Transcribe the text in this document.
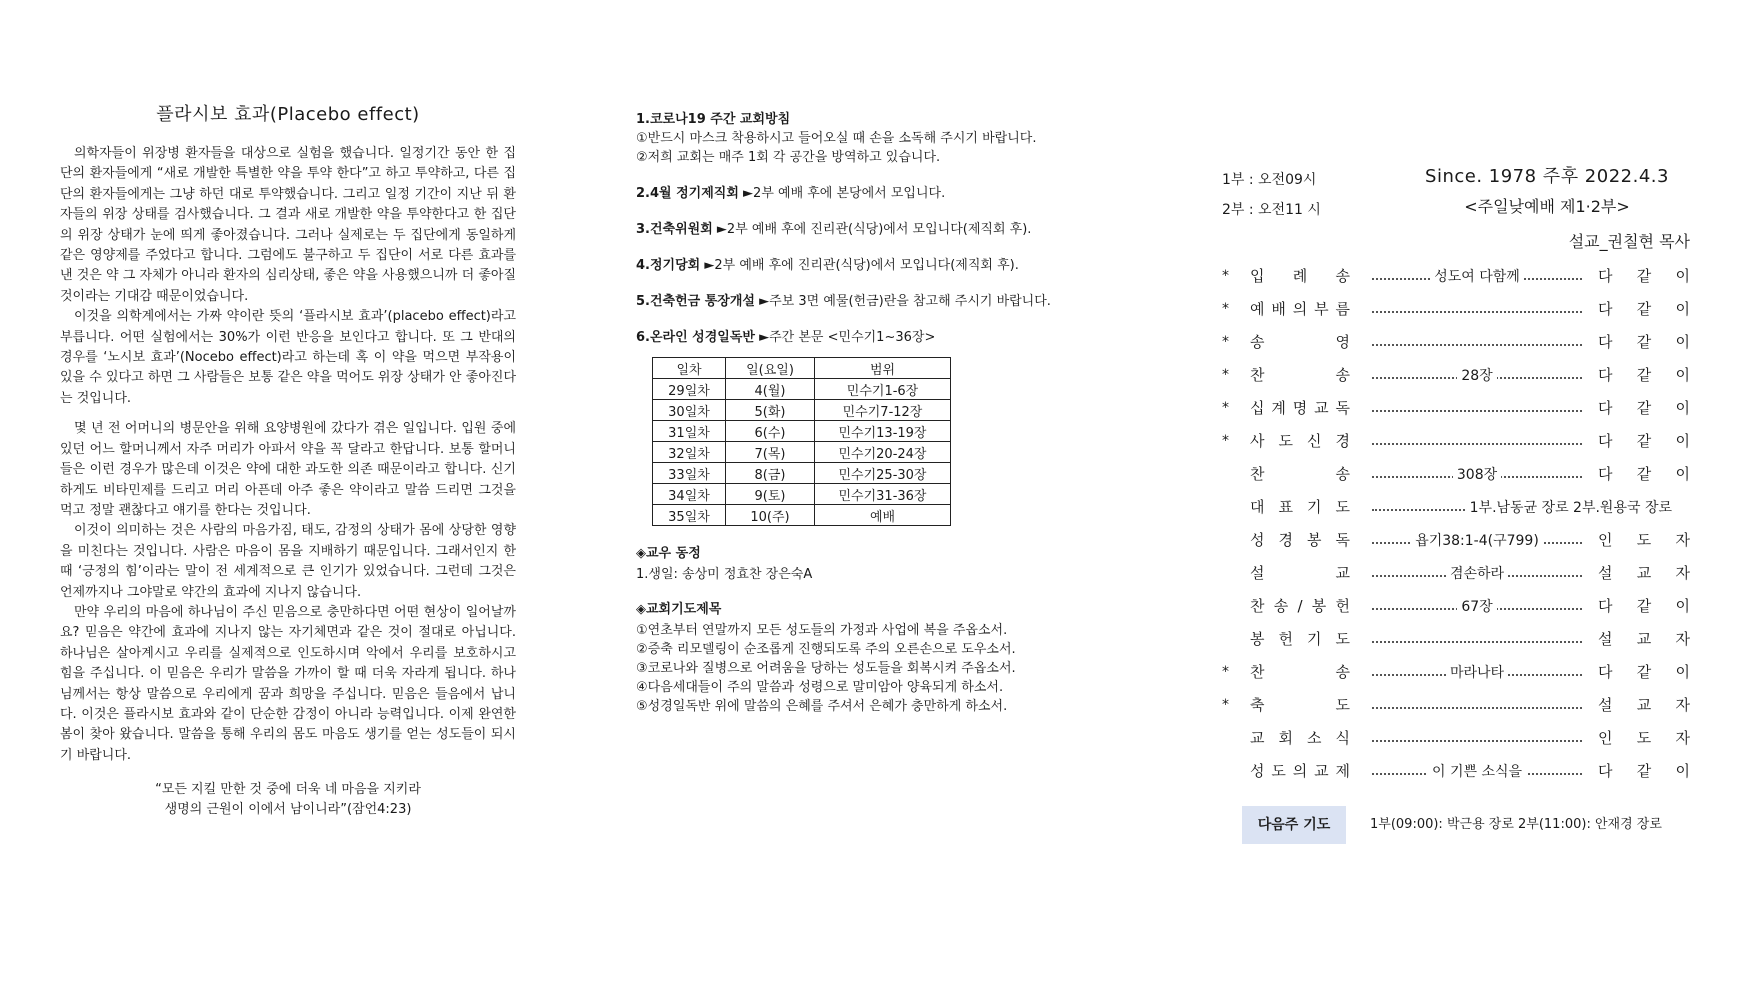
플라시보 효과(Placebo effect)

의학자들이 위장병 환자들을 대상으로 실험을 했습니다. 일정기간 동안 한 집단의 환자들에게 “새로 개발한 특별한 약을 투약 한다”고 하고 투약하고, 다른 집단의 환자들에게는 그냥 하던 대로 투약했습니다. 그리고 일정 기간이 지난 뒤 환자들의 위장 상태를 검사했습니다. 그 결과 새로 개발한 약을 투약한다고 한 집단의 위장 상태가 눈에 띄게 좋아졌습니다. 그러나 실제로는 두 집단에게 동일하게 같은 영양제를 주었다고 합니다. 그럼에도 불구하고 두 집단이 서로 다른 효과를 낸 것은 약 그 자체가 아니라 환자의 심리상태, 좋은 약을 사용했으니까 더 좋아질 것이라는 기대감 때문이었습니다.

이것을 의학계에서는 가짜 약이란 뜻의 ‘플라시보 효과’(placebo effect)라고 부릅니다. 어떤 실험에서는 30%가 이런 반응을 보인다고 합니다. 또 그 반대의 경우를 ‘노시보 효과’(Nocebo effect)라고 하는데 혹 이 약을 먹으면 부작용이 있을 수 있다고 하면 그 사람들은 보통 같은 약을 먹어도 위장 상태가 안 좋아진다는 것입니다.

몇 년 전 어머니의 병문안을 위해 요양병원에 갔다가 겪은 일입니다. 입원 중에 있던 어느 할머니께서 자주 머리가 아파서 약을 꼭 달라고 한답니다. 보통 할머니들은 이런 경우가 많은데 이것은 약에 대한 과도한 의존 때문이라고 합니다. 신기하게도 비타민제를 드리고 머리 아픈데 아주 좋은 약이라고 말씀 드리면 그것을 먹고 정말 괜찮다고 얘기를 한다는 것입니다.

이것이 의미하는 것은 사람의 마음가짐, 태도, 감정의 상태가 몸에 상당한 영향을 미친다는 것입니다. 사람은 마음이 몸을 지배하기 때문입니다. 그래서인지 한 때 ‘긍정의 힘’이라는 말이 전 세계적으로 큰 인기가 있었습니다. 그런데 그것은 언제까지나 그야말로 약간의 효과에 지나지 않습니다.

만약 우리의 마음에 하나님이 주신 믿음으로 충만하다면 어떤 현상이 일어날까요? 믿음은 약간에 효과에 지나지 않는 자기체면과 같은 것이 절대로 아닙니다. 하나님은 살아계시고 우리를 실제적으로 인도하시며 악에서 우리를 보호하시고 힘을 주십니다. 이 믿음은 우리가 말씀을 가까이 할 때 더욱 자라게 됩니다. 하나님께서는 항상 말씀으로 우리에게 꿈과 희망을 주십니다. 믿음은 들음에서 납니다. 이것은 플라시보 효과와 같이 단순한 감정이 아니라 능력입니다. 이제 완연한 봄이 찾아 왔습니다. 말씀을 통해 우리의 몸도 마음도 생기를 얻는 성도들이 되시기 바랍니다.

“모든 지킬 만한 것 중에 더욱 네 마음을 지키라
생명의 근원이 이에서 남이니라”(잠언4:23)
1.코로나19 주간 교회방침
①반드시 마스크 착용하시고 들어오실 때 손을 소독해 주시기 바랍니다.
②저희 교회는 매주 1회 각 공간을 방역하고 있습니다.
2.4월 정기제직회 ►2부 예배 후에 본당에서 모입니다.
3.건축위원회 ►2부 예배 후에 진리관(식당)에서 모입니다(제직회 후).
4.정기당회 ►2부 예배 후에 진리관(식당)에서 모입니다(제직회 후).
5.건축헌금 통장개설 ►주보 3면 예물(헌금)란을 참고해 주시기 바랍니다.
6.온라인 성경일독반 ►주간 본문 <민수기1~36장>
일차	일(요일)	범위
29일차	4(월)	민수기1-6장
30일차	5(화)	민수기7-12장
31일차	6(수)	민수기13-19장
32일차	7(목)	민수기20-24장
33일차	8(금)	민수기25-30장
34일차	9(토)	민수기31-36장
35일차	10(주)	예배
◈교우 동정
1.생일: 송상미 정효찬 장은숙A
◈교회기도제목
①연초부터 연말까지 모든 성도들의 가정과 사업에 복을 주옵소서.
②증축 리모델링이 순조롭게 진행되도록 주의 오른손으로 도우소서.
③코로나와 질병으로 어려움을 당하는 성도들을 회복시켜 주옵소서.
④다음세대들이 주의 말씀과 성령으로 말미암아 양육되게 하소서.
⑤성경일독반 위에 말씀의 은혜를 주셔서 은혜가 충만하게 하소서.
1부 : 오전09시
2부 : 오전11 시
Since. 1978 주후 2022.4.3
<주일낮예배 제1·2부>
설교_권칠현 목사
*	입 례 송	성도여 다함께	다 같 이
*	예 배 의 부 름	다 같 이
*	송	영	다 같 이
*	찬	송	28장	다 같 이
*	십 계 명 교 독	다 같 이
*	사 도 신 경	다 같 이
찬	송	308장	다 같 이
대 표 기 도	1부.남동균 장로 2부.원용국 장로
성 경 봉 독	욥기38:1-4(구799)	인 도 자
설	교	겸손하라	설 교 자
찬 송 / 봉 헌	67장	다 같 이
봉 헌 기 도	설 교 자
*	찬	송	마라나타	다 같 이
*	축	도	설 교 자
교 회 소 식	인 도 자
성 도 의 교 제	이 기쁜 소식을	다 같 이
다음주 기도	1부(09:00): 박근용 장로 2부(11:00): 안재경 장로
